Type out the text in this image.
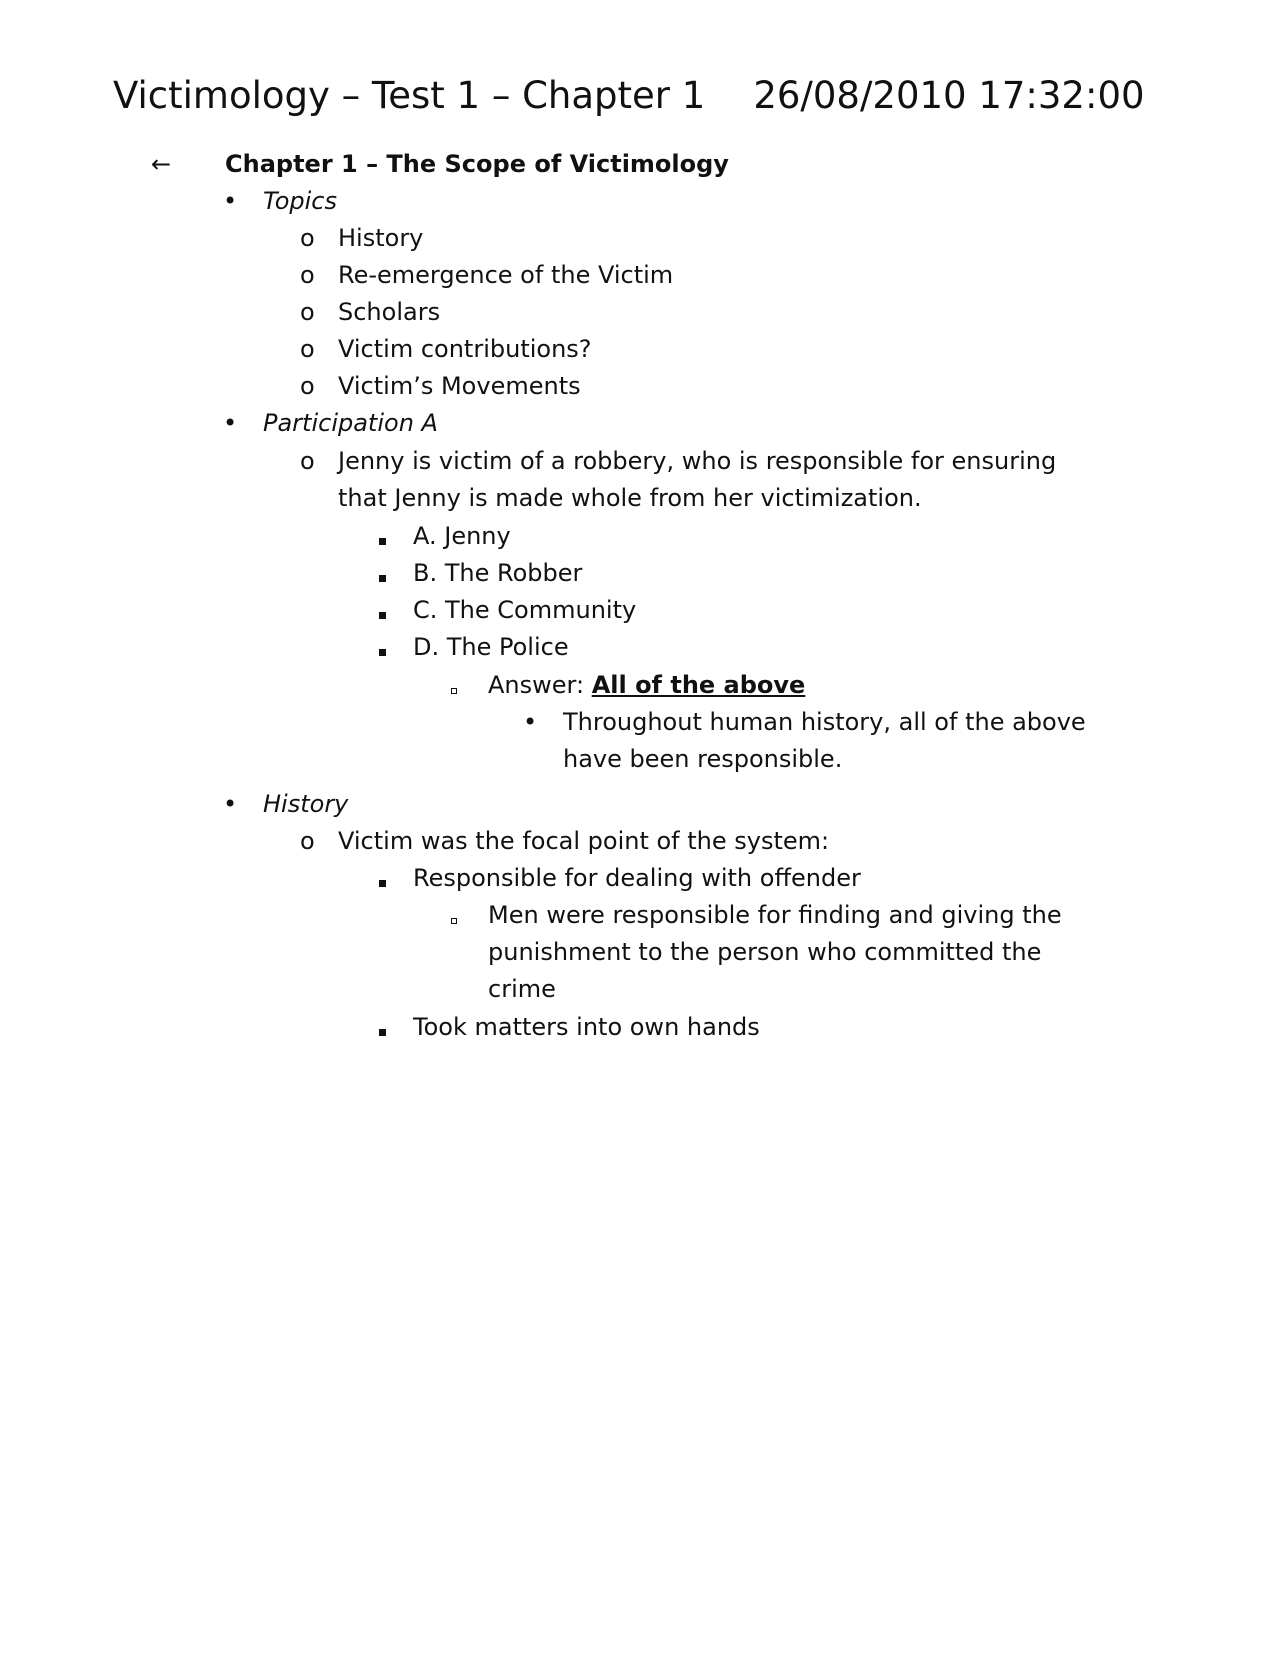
Victimology – Test 1 – Chapter 1 26/08/2010 17:32:00
← Chapter 1 – The Scope of Victimology
• Topics
o History
o Re-emergence of the Victim
o Scholars
o Victim contributions?
o Victim’s Movements
• Participation A
o Jenny is victim of a robbery, who is responsible for ensuring
that Jenny is made whole from her victimization.
A. Jenny
B. The Robber
C. The Community
D. The Police
Answer: All of the above
• Throughout human history, all of the above
have been responsible.
• History
o Victim was the focal point of the system:
Responsible for dealing with offender
Men were responsible for finding and giving the
punishment to the person who committed the
crime
Took matters into own hands
